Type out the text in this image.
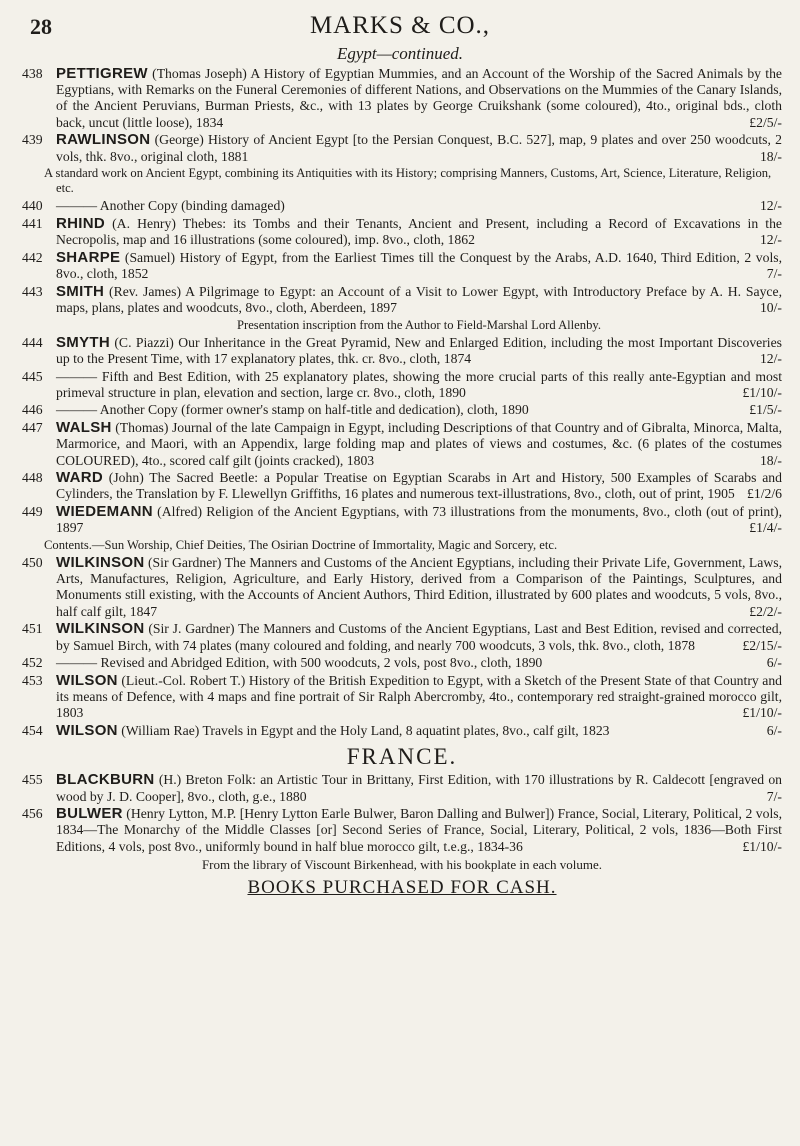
28	MARKS & CO.,
Egypt—continued.
438 PETTIGREW (Thomas Joseph) A History of Egyptian Mummies, and an Account of the Worship of the Sacred Animals by the Egyptians, with Remarks on the Funeral Ceremonies of different Nations, and Observations on the Mummies of the Canary Islands, of the Ancient Peruvians, Burman Priests, &c., with 13 plates by George Cruikshank (some coloured), 4to., original bds., cloth back, uncut (little loose), 1834	£2/5/-
439 RAWLINSON (George) History of Ancient Egypt [to the Persian Conquest, B.C. 527], map, 9 plates and over 250 woodcuts, 2 vols, thk. 8vo., original cloth, 1881	18/-
A standard work on Ancient Egypt, combining its Antiquities with its History; comprising Manners, Customs, Art, Science, Literature, Religion, etc.
440 ——— Another Copy (binding damaged)	12/-
441 RHIND (A. Henry) Thebes: its Tombs and their Tenants, Ancient and Present, including a Record of Excavations in the Necropolis, map and 16 illustrations (some coloured), imp. 8vo., cloth, 1862	12/-
442 SHARPE (Samuel) History of Egypt, from the Earliest Times till the Conquest by the Arabs, A.D. 1640, Third Edition, 2 vols, 8vo., cloth, 1852	7/-
443 SMITH (Rev. James) A Pilgrimage to Egypt: an Account of a Visit to Lower Egypt, with Introductory Preface by A. H. Sayce, maps, plans, plates and woodcuts, 8vo., cloth, Aberdeen, 1897	10/-
Presentation inscription from the Author to Field-Marshal Lord Allenby.
444 SMYTH (C. Piazzi) Our Inheritance in the Great Pyramid, New and Enlarged Edition, including the most Important Discoveries up to the Present Time, with 17 explanatory plates, thk. cr. 8vo., cloth, 1874	12/-
445 ——— Fifth and Best Edition, with 25 explanatory plates, showing the more crucial parts of this really ante-Egyptian and most primeval structure in plan, elevation and section, large cr. 8vo., cloth, 1890	£1/10/-
446 ——— Another Copy (former owner's stamp on half-title and dedication), cloth, 1890	£1/5/-
447 WALSH (Thomas) Journal of the late Campaign in Egypt, including Descriptions of that Country and of Gibralta, Minorca, Malta, Marmorice, and Maori, with an Appendix, large folding map and plates of views and costumes, &c. (6 plates of the costumes COLOURED), 4to., scored calf gilt (joints cracked), 1803	18/-
448 WARD (John) The Sacred Beetle: a Popular Treatise on Egyptian Scarabs in Art and History, 500 Examples of Scarabs and Cylinders, the Translation by F. Llewellyn Griffiths, 16 plates and numerous text-illustrations, 8vo., cloth, out of print, 1905 £1/2/6
449 WIEDEMANN (Alfred) Religion of the Ancient Egyptians, with 73 illustrations from the monuments, 8vo., cloth (out of print), 1897	£1/4/-
Contents.—Sun Worship, Chief Deities, The Osirian Doctrine of Immortality, Magic and Sorcery, etc.
450 WILKINSON (Sir Gardner) The Manners and Customs of the Ancient Egyptians, including their Private Life, Government, Laws, Arts, Manufactures, Religion, Agriculture, and Early History, derived from a Comparison of the Paintings, Sculptures, and Monuments still existing, with the Accounts of Ancient Authors, Third Edition, illustrated by 600 plates and woodcuts, 5 vols, 8vo., half calf gilt, 1847	£2/2/-
451 WILKINSON (Sir J. Gardner) The Manners and Customs of the Ancient Egyptians, Last and Best Edition, revised and corrected, by Samuel Birch, with 74 plates (many coloured and folding, and nearly 700 woodcuts, 3 vols, thk. 8vo., cloth, 1878	£2/15/-
452 ——— Revised and Abridged Edition, with 500 woodcuts, 2 vols, post 8vo., cloth, 1890	6/-
453 WILSON (Lieut.-Col. Robert T.) History of the British Expedition to Egypt, with a Sketch of the Present State of that Country and its means of Defence, with 4 maps and fine portrait of Sir Ralph Abercromby, 4to., contemporary red straight-grained morocco gilt, 1803	£1/10/-
454 WILSON (William Rae) Travels in Egypt and the Holy Land, 8 aquatint plates, 8vo., calf gilt, 1823	6/-
FRANCE.
455 BLACKBURN (H.) Breton Folk: an Artistic Tour in Brittany, First Edition, with 170 illustrations by R. Caldecott [engraved on wood by J. D. Cooper], 8vo., cloth, g.e., 1880	7/-
456 BULWER (Henry Lytton, M.P. [Henry Lytton Earle Bulwer, Baron Dalling and Bulwer]) France, Social, Literary, Political, 2 vols, 1834—The Monarchy of the Middle Classes [or] Second Series of France, Social, Literary, Political, 2 vols, 1836—Both First Editions, 4 vols, post 8vo., uniformly bound in half blue morocco gilt, t.e.g., 1834-36	£1/10/-
From the library of Viscount Birkenhead, with his bookplate in each volume.
BOOKS PURCHASED FOR CASH.
